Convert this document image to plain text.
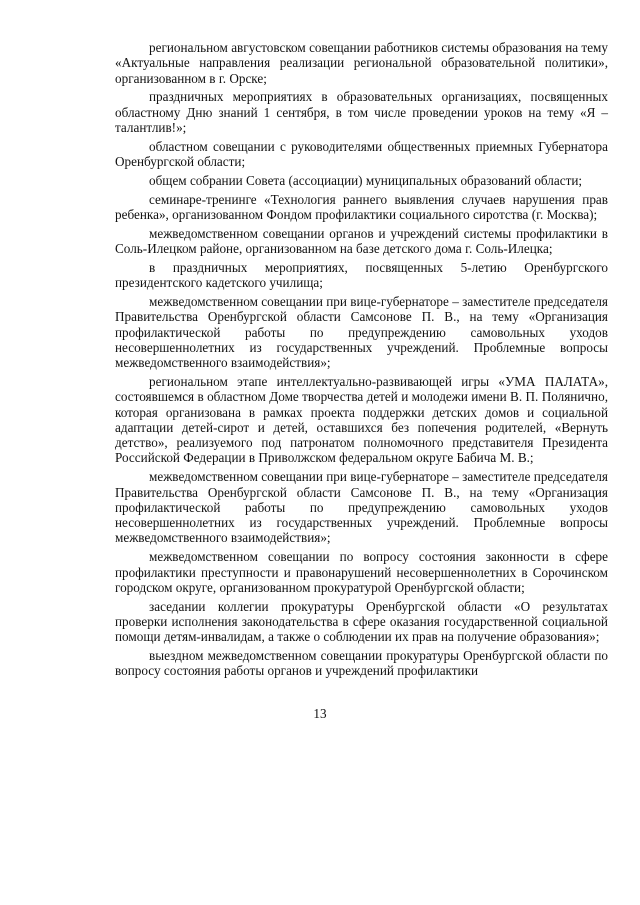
региональном августовском совещании работников системы образования на тему «Актуальные направления реализации региональной образовательной политики», организованном в г. Орске;

праздничных мероприятиях в образовательных организациях, посвященных областному Дню знаний 1 сентября, в том числе проведении уроков на тему «Я – талантлив!»;

областном совещании с руководителями общественных приемных Губернатора Оренбургской области;

общем собрании Совета (ассоциации) муниципальных образований области;

семинаре-тренинге «Технология раннего выявления случаев нарушения прав ребенка», организованном Фондом профилактики социального сиротства (г. Москва);

межведомственном совещании органов и учреждений системы профилактики в Соль-Илецком районе, организованном на базе детского дома г. Соль-Илецка;

в праздничных мероприятиях, посвященных 5-летию Оренбургского президентского кадетского училища;

межведомственном совещании при вице-губернаторе – заместителе председателя Правительства Оренбургской области Самсонове П. В., на тему «Организация профилактической работы по предупреждению самовольных уходов несовершеннолетних из государственных учреждений. Проблемные вопросы межведомственного взаимодействия»;

региональном этапе интеллектуально-развивающей игры «УМА ПАЛАТА», состоявшемся в областном Доме творчества детей и молодежи имени В. П. Полянично, которая организована в рамках проекта поддержки детских домов и социальной адаптации детей-сирот и детей, оставшихся без попечения родителей, «Вернуть детство», реализуемого под патронатом полномочного представителя Президента Российской Федерации в Приволжском федеральном округе Бабича М. В.;

межведомственном совещании при вице-губернаторе – заместителе председателя Правительства Оренбургской области Самсонове П. В., на тему «Организация профилактической работы по предупреждению самовольных уходов несовершеннолетних из государственных учреждений. Проблемные вопросы межведомственного взаимодействия»;

межведомственном совещании по вопросу состояния законности в сфере профилактики преступности и правонарушений несовершеннолетних в Сорочинском городском округе, организованном прокуратурой Оренбургской области;

заседании коллегии прокуратуры Оренбургской области «О результатах проверки исполнения законодательства в сфере оказания государственной социальной помощи детям-инвалидам, а также о соблюдении их прав на получение образования»;

выездном межведомственном совещании прокуратуры Оренбургской области по вопросу состояния работы органов и учреждений профилактики

13
